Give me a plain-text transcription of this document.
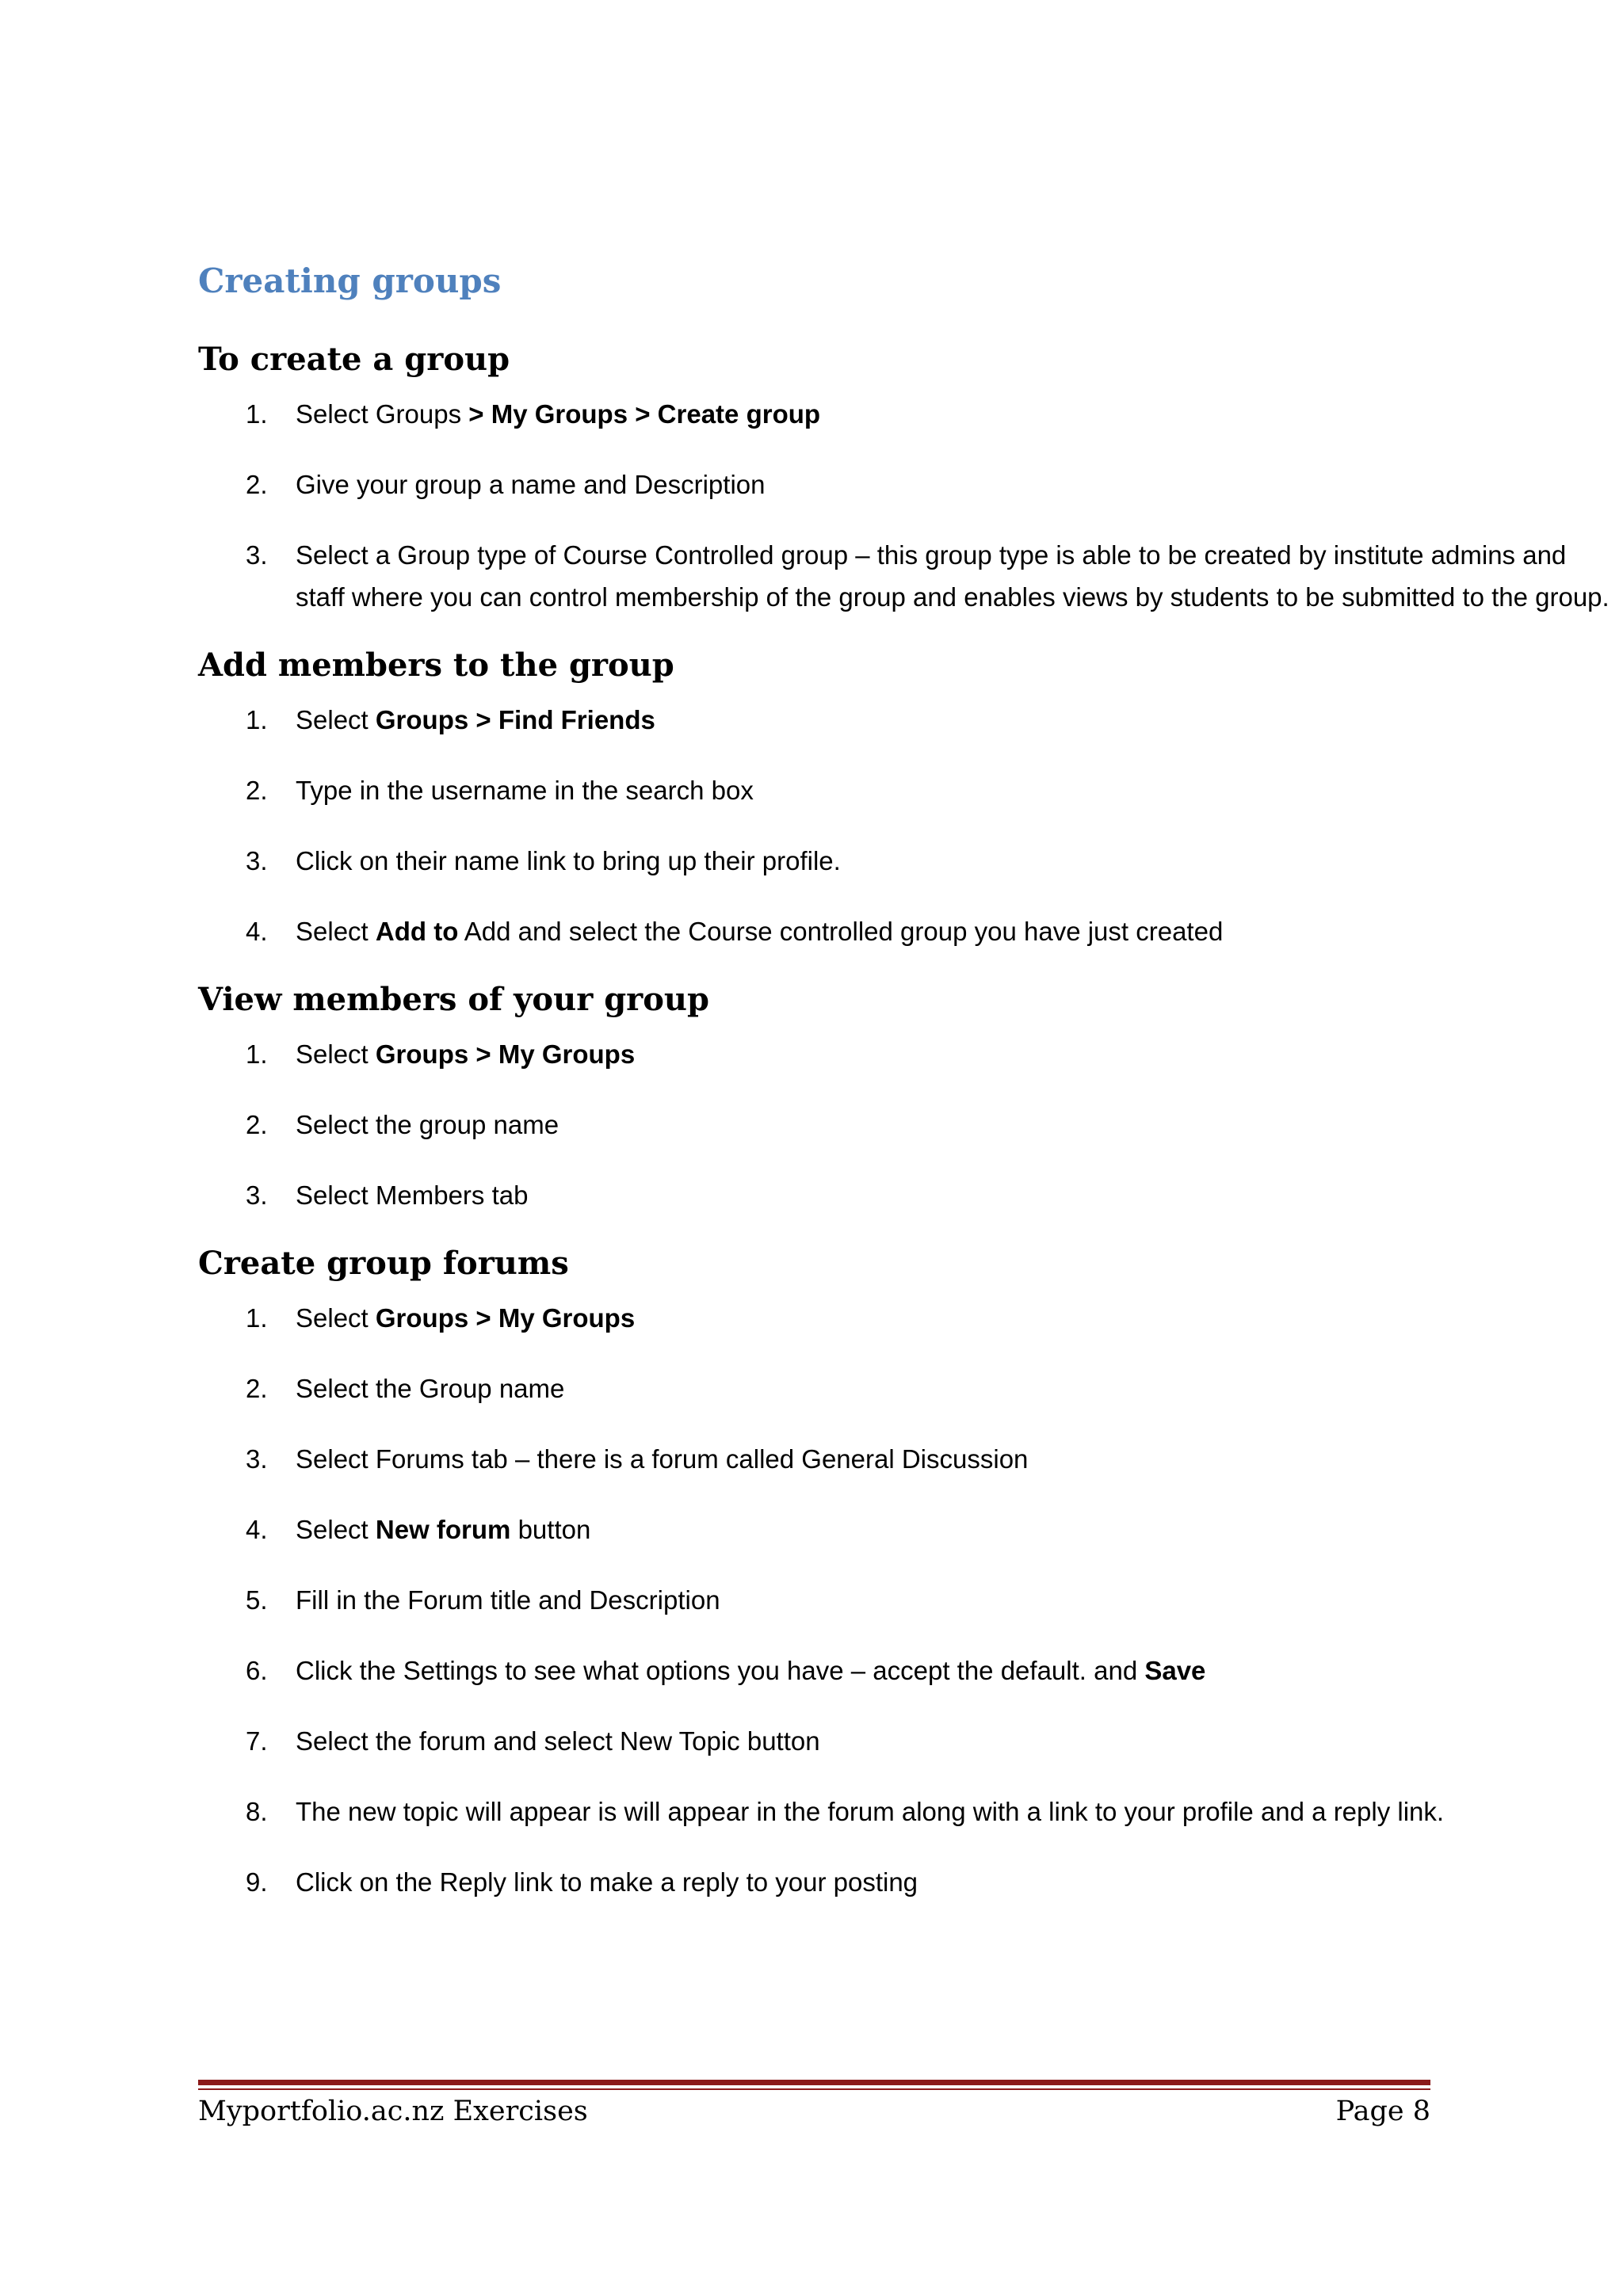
Creating groups
To create a group
1. Select Groups > My Groups > Create group
2. Give your group a name and Description
3. Select a Group type of Course Controlled group – this group type is able to be created by institute admins and staff where you can control membership of the group and enables views by students to be submitted to the group.
Add members to the group
1. Select Groups > Find Friends
2. Type in the username in the search box
3. Click on their name link to bring up their profile.
4. Select Add to Add and select the Course controlled group you have just created
View members of your group
1. Select Groups > My Groups
2. Select the group name
3. Select Members tab
Create group forums
1. Select Groups > My Groups
2. Select the Group name
3. Select Forums tab – there is a forum called General Discussion
4. Select New forum button
5. Fill in the Forum title and Description
6. Click the Settings to see what options you have – accept the default. and Save
7. Select the forum and select New Topic button
8. The new topic will appear is will appear in the forum along with a link to your profile and a reply link.
9. Click on the Reply link to make a reply to your posting
Myportfolio.ac.nz Exercises	Page 8
